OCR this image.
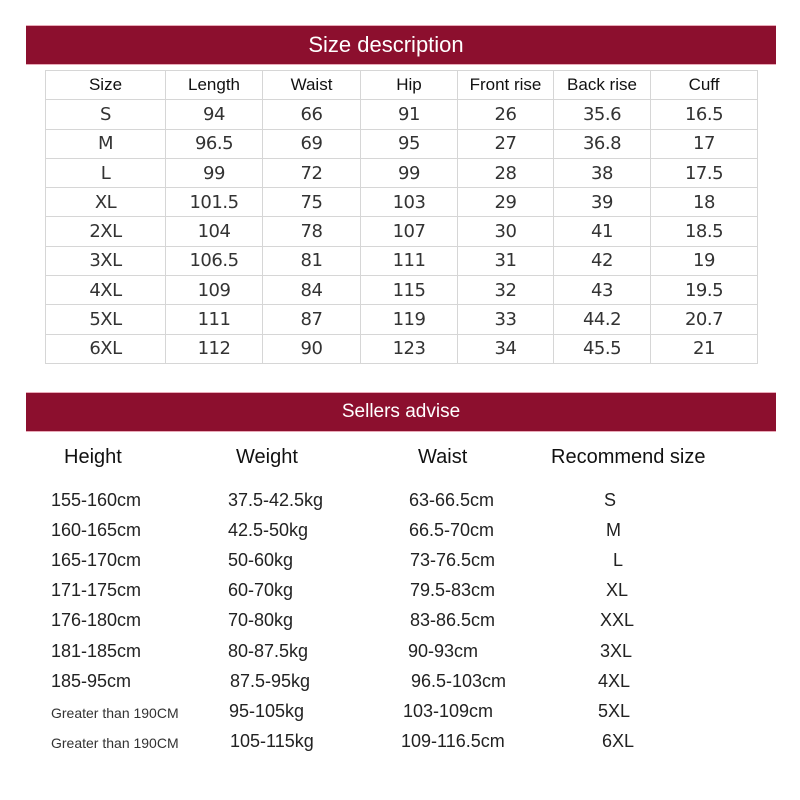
Size description
Size	Length	Waist	Hip	Front rise	Back rise	Cuff
S	94	66	91	26	35.6	16.5
M	96.5	69	95	27	36.8	17
L	99	72	99	28	38	17.5
XL	101.5	75	103	29	39	18
2XL	104	78	107	30	41	18.5
3XL	106.5	81	111	31	42	19
4XL	109	84	115	32	43	19.5
5XL	111	87	119	33	44.2	20.7
6XL	112	90	123	34	45.5	21
Sellers advise
Height	Weight	Waist	Recommend size
155-160cm	37.5-42.5kg	63-66.5cm	S
160-165cm	42.5-50kg	66.5-70cm	M
165-170cm	50-60kg	73-76.5cm	L
171-175cm	60-70kg	79.5-83cm	XL
176-180cm	70-80kg	83-86.5cm	XXL
181-185cm	80-87.5kg	90-93cm	3XL
185-95cm	87.5-95kg	96.5-103cm	4XL
Greater than 190CM	95-105kg	103-109cm	5XL
Greater than 190CM	105-115kg	109-116.5cm	6XL
